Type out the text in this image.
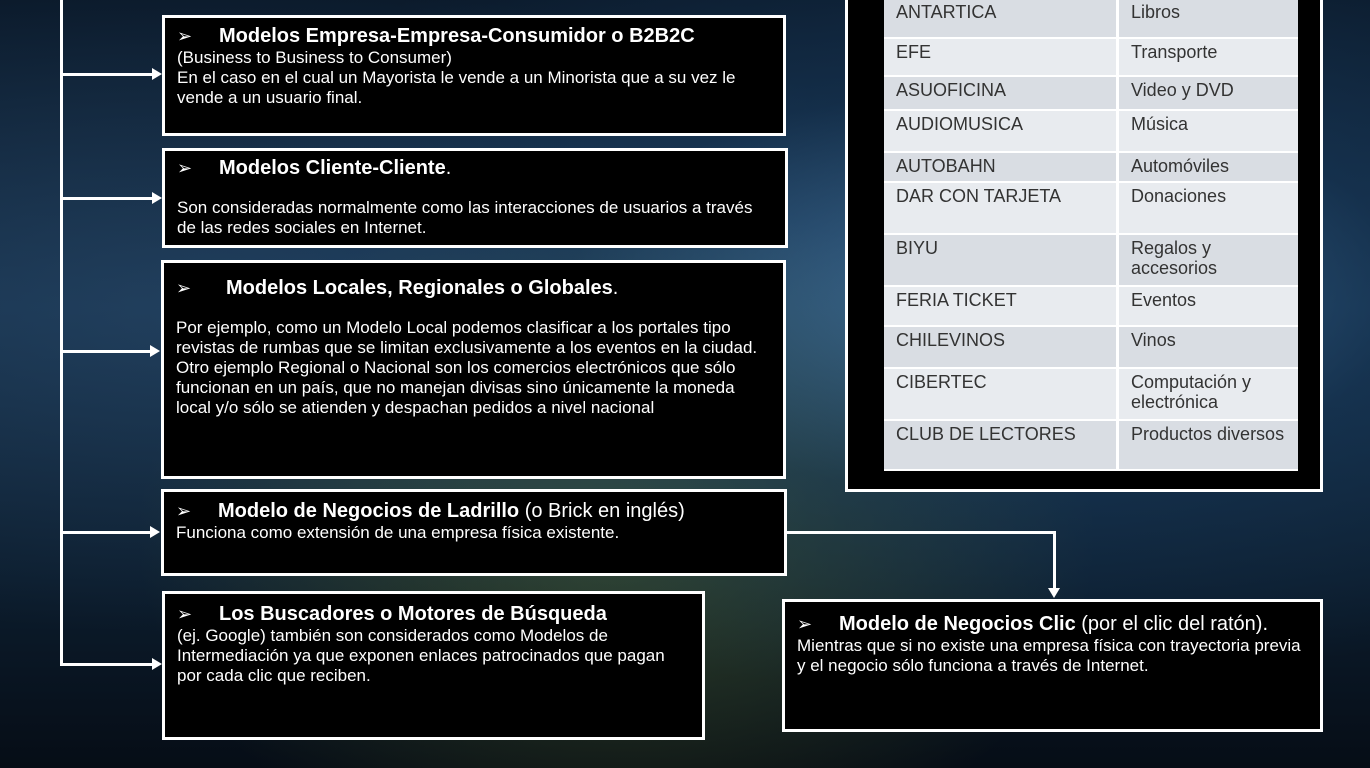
➢ Modelos Empresa-Empresa-Consumidor o B2B2C
(Business to Business to Consumer)
En el caso en el cual un Mayorista le vende a un Minorista que a su vez le vende a un usuario final.
➢ Modelos Cliente-Cliente.
Son consideradas normalmente como las interacciones de usuarios a través de las redes sociales en Internet.
➢ Modelos Locales, Regionales o Globales.
Por ejemplo, como un Modelo Local podemos clasificar a los portales tipo revistas de rumbas que se limitan exclusivamente a los eventos en la ciudad.
Otro ejemplo Regional o Nacional son los comercios electrónicos que sólo funcionan en un país, que no manejan divisas sino únicamente la moneda local y/o sólo se atienden y despachan pedidos a nivel nacional
➢ Modelo de Negocios de Ladrillo (o Brick en inglés)
Funciona como extensión de una empresa física existente.
➢ Los Buscadores o Motores de Búsqueda
(ej. Google) también son considerados como Modelos de Intermediación ya que exponen enlaces patrocinados que pagan por cada clic que reciben.
➢ Modelo de Negocios Clic (por el clic del ratón).
Mientras que si no existe una empresa física con trayectoria previa y el negocio sólo funciona a través de Internet.
ANTARTICA	Libros
EFE	Transporte
ASUOFICINA	Video y DVD
AUDIOMUSICA	Música
AUTOBAHN	Automóviles
DAR CON TARJETA	Donaciones
BIYU	Regalos y accesorios
FERIA TICKET	Eventos
CHILEVINOS	Vinos
CIBERTEC	Computación y electrónica
CLUB DE LECTORES	Productos diversos
